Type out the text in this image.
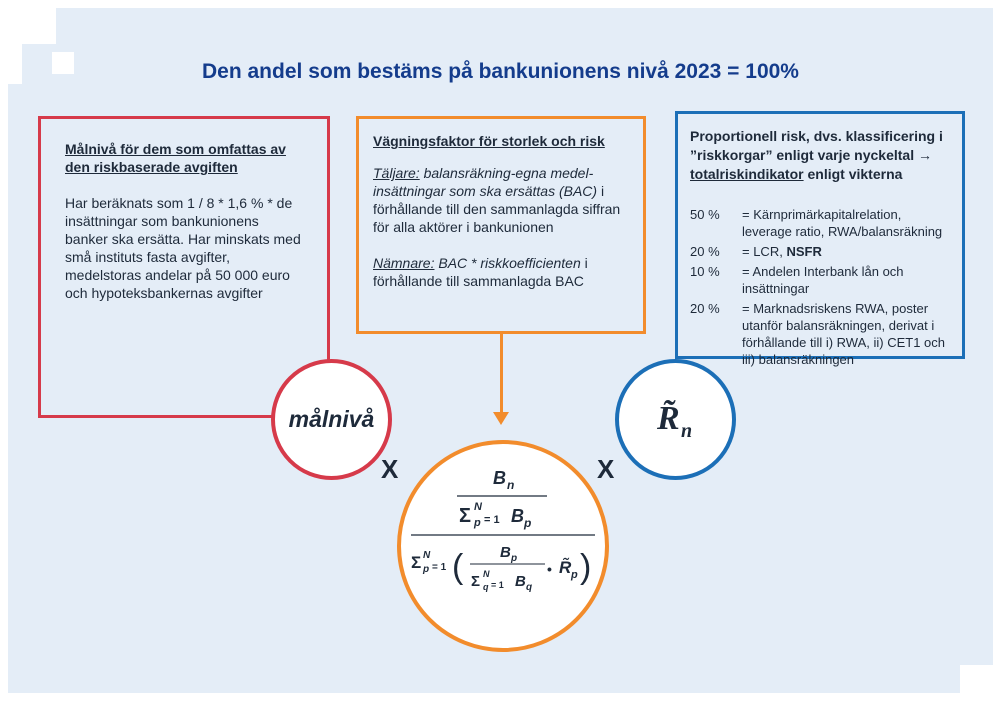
Den andel som bestäms på bankunionens nivå 2023 = 100%

Målnivå för dem som omfattas av den riskbaserade avgiften

Har beräknats som 1 / 8 * 1,6 % * de insättningar som bankunionens banker ska ersätta. Har minskats med små instituts fasta avgifter, medelstoras andelar på 50 000 euro och hypoteksbankernas avgifter

Vägningsfaktor för storlek och risk

Täljare: balansräkning-egna medel-insättningar som ska ersättas (BAC) i förhållande till den sammanlagda siffran för alla aktörer i bankunionen

Nämnare: BAC * riskkoefficienten i förhållande till sammanlagda BAC

Proportionell risk, dvs. klassificering i ”riskkorgar” enligt varje nyckeltal → totalriskindikator enligt vikterna

50 %	= Kärnprimärkapitalrelation, leverage ratio, RWA/balansräkning
20 %	= LCR, NSFR
10 %	= Andelen Interbank lån och insättningar
20 %	= Marknadsriskens RWA, poster utanför balansräkningen, derivat i förhållande till i) RWA, ii) CET1 och iii) balansräkningen
målnivå	R̃ n
B n
Σ N
p = 1 B p
Σ N
p = 1 ( B p
Σ N
q = 1 B q
• R̃ p )
X	X
